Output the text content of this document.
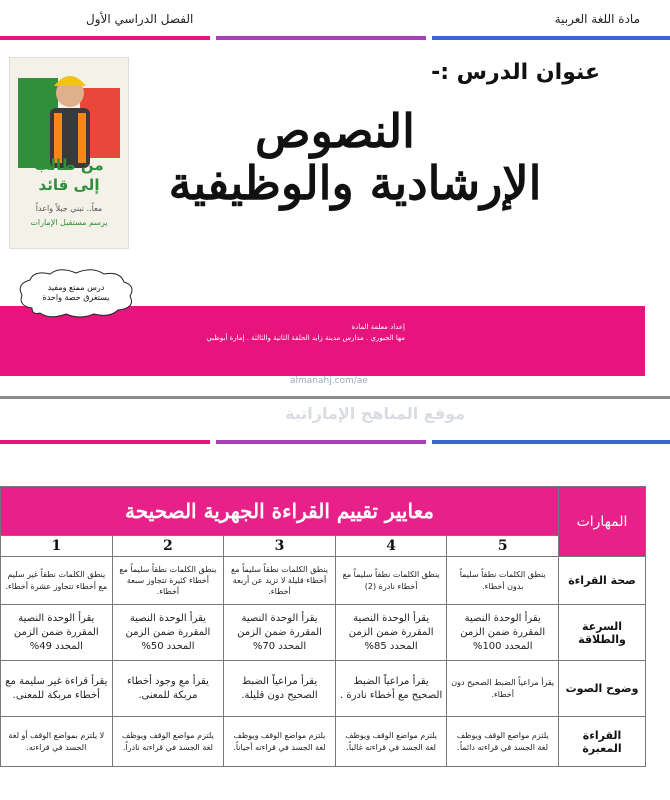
مادة اللغة العربية
الفصل الدراسي الأول
من طالب
إلى قائد
معاً.. نبني جيلاً واعداً
يرسم مستقبل الإمارات
عنوان الدرس :-
النصوص
الإرشادية والوظيفية
إعداد معلمة المادة
مها الجبوري . مدارس مدينة زايد الحلقة الثانية والثالثة . إمارة أبوظبي
درس ممتع ومفيد
يستغرق حصة واحدة
almanahj.com/ae
موقع المناهج الإماراتية
المهارات	معايير تقييم القراءة الجهرية الصحيحة				
	5	4	3	2	1
صحة القراءة	ينطق الكلمات نطقاً سليماً بدون أخطاء.	ينطق الكلمات نطقاً سليماً مع أخطاء نادرة (2)	ينطق الكلمات نطقاً سليماً مع أخطاء قليلة لا تزيد عن أربعة أخطاء.	ينطق الكلمات نطقاً سليماً مع أخطاء كثيرة تتجاوز سبعة أخطاء.	ينطق الكلمات نطقاً غير سليم مع أخطاء تتجاوز عشرة أخطاء.
السرعة والطلاقة	يقرأ الوحدة النصية المقررة ضمن الزمن المحدد 100%	يقرأ الوحدة النصية المقررة ضمن الزمن المحدد 85%	يقرأ الوحدة النصية المقررة ضمن الزمن المحدد 70%	يقرأ الوحدة النصية المقررة ضمن الزمن المحدد 50%	يقرأ الوحدة النصية المقررة ضمن الزمن المحدد 49%
وضوح الصوت	يقرأ مراعياً الضبط الصحيح دون أخطاء.	يقرأ مراعياً الضبط الصحيح مع أخطاء نادرة .	يقرأ مراعياً الضبط الصحيح دون قليلة.	يقرأ مع وجود أخطاء مربكة للمعنى.	يقرأ قراءة غير سليمة مع أخطاء مربكة للمعنى.
القراءة المعبرة	يلتزم مواضع الوقف ويوظف لغة الجسد في قراءته دائماً.	يلتزم مواضع الوقف ويوظف لغة الجسد في قراءته غالباً.	يلتزم مواضع الوقف ويوظف لغة الجسد في قراءته أحياناً.	يلتزم مواضع الوقف ويوظف لغة الجسد في قراءته نادراً.	لا يلتزم بمواضع الوقف أو لغة الجسد في قراءته.
